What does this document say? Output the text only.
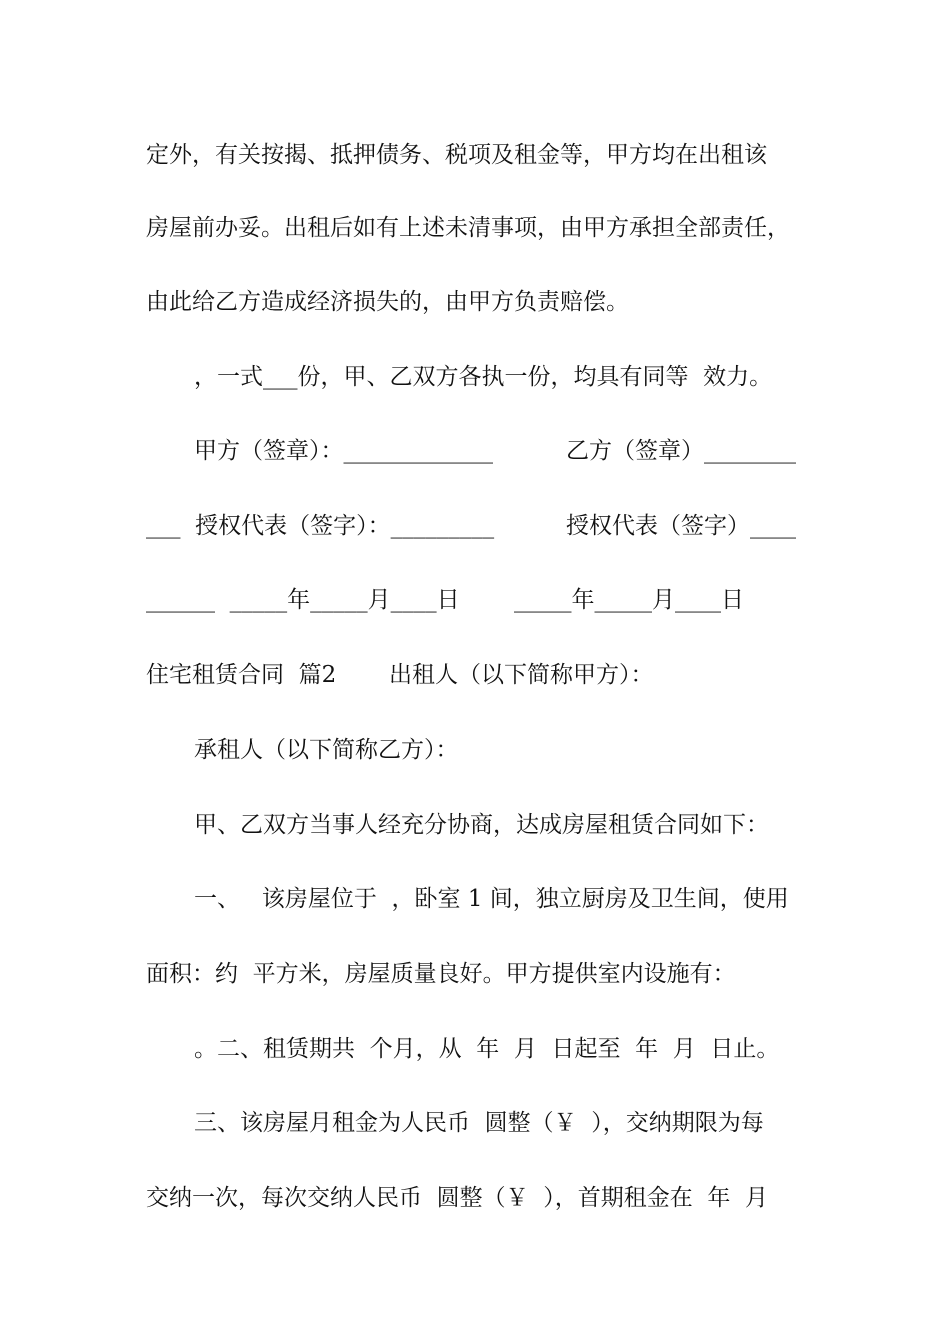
定外，有关按揭、抵押债务、税项及租金等，甲方均在出租该
房屋前办妥。出租后如有上述未清事项，由甲方承担全部责任，
由此给乙方造成经济损失的，由甲方负责赔偿。
，一式___份，甲、乙双方各执一份，均具有同等  效力。
甲方（签章）：_____________	乙方（签章）________
___  授权代表（签字）：_________	授权代表（签字）____
______  _____年_____月____日 _____年_____月____日
住宅租赁合同  篇2 出租人（以下简称甲方）：
承租人（以下简称乙方）：
甲、乙双方当事人经充分协商，达成房屋租赁合同如下：
一、   该房屋位于  ，卧室 1 间，独立厨房及卫生间，使用
面积：约  平方米，房屋质量良好。甲方提供室内设施有：
。二、租赁期共  个月，从  年  月  日起至  年  月  日止。
三、该房屋月租金为人民币  圆整（￥  ），交纳期限为每
交纳一次，每次交纳人民币  圆整（￥  ），首期租金在  年  月
